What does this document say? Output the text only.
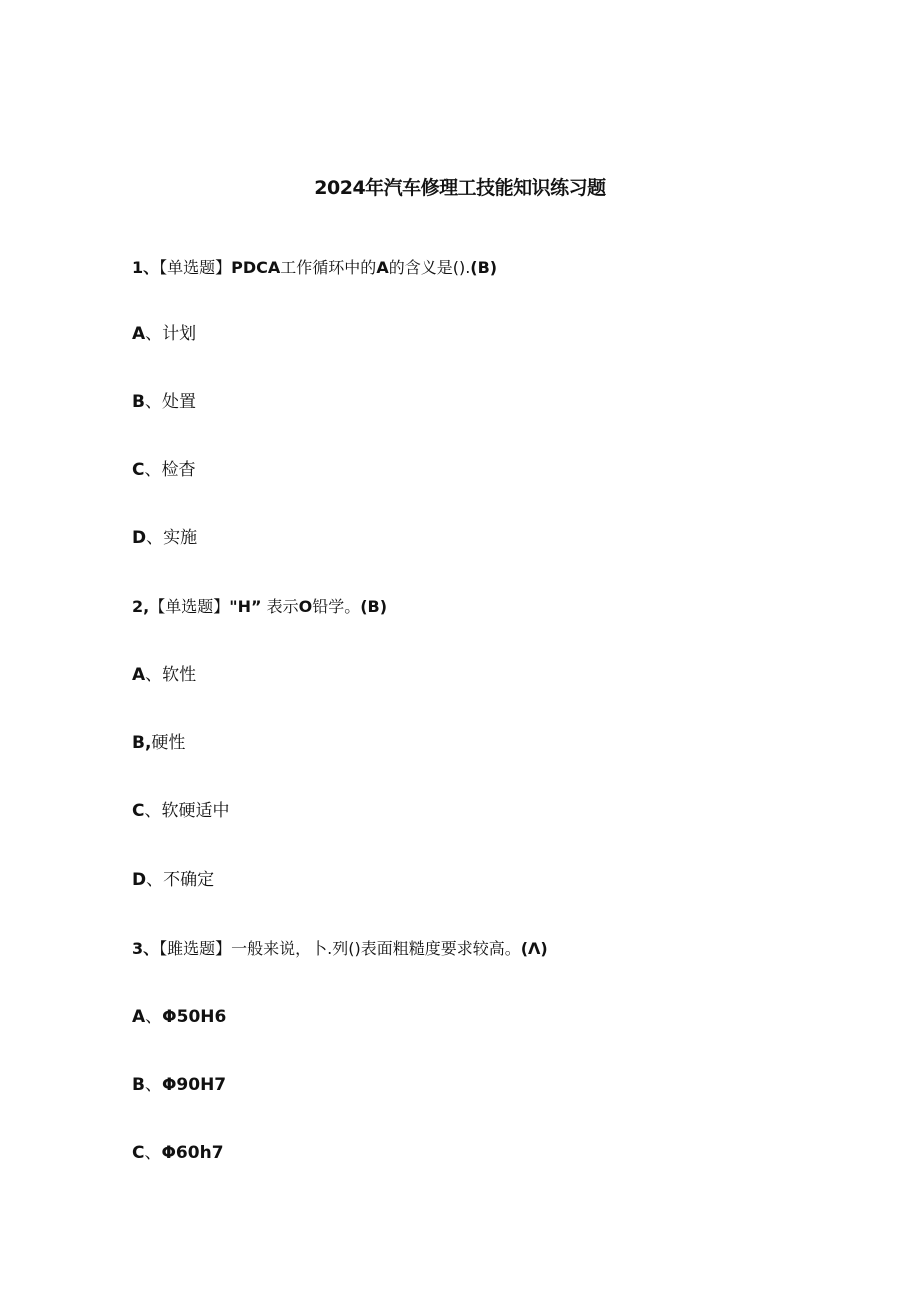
2024年汽车修理工技能知识练习题
1、【单选题】PDCA工作循环中的A的含义是().(B)
A、计划
B、处置
C、检杳
D、实施
2,【单选题】"H” 表示O铅学。(B)
A、软性
B,硬性
C、软硬适中
D、不确定
3、【雎选题】一般来说，卜.列()表面粗糙度要求较高。(Λ)
A、Φ50H6
B、Φ90H7
C、Φ60h7
